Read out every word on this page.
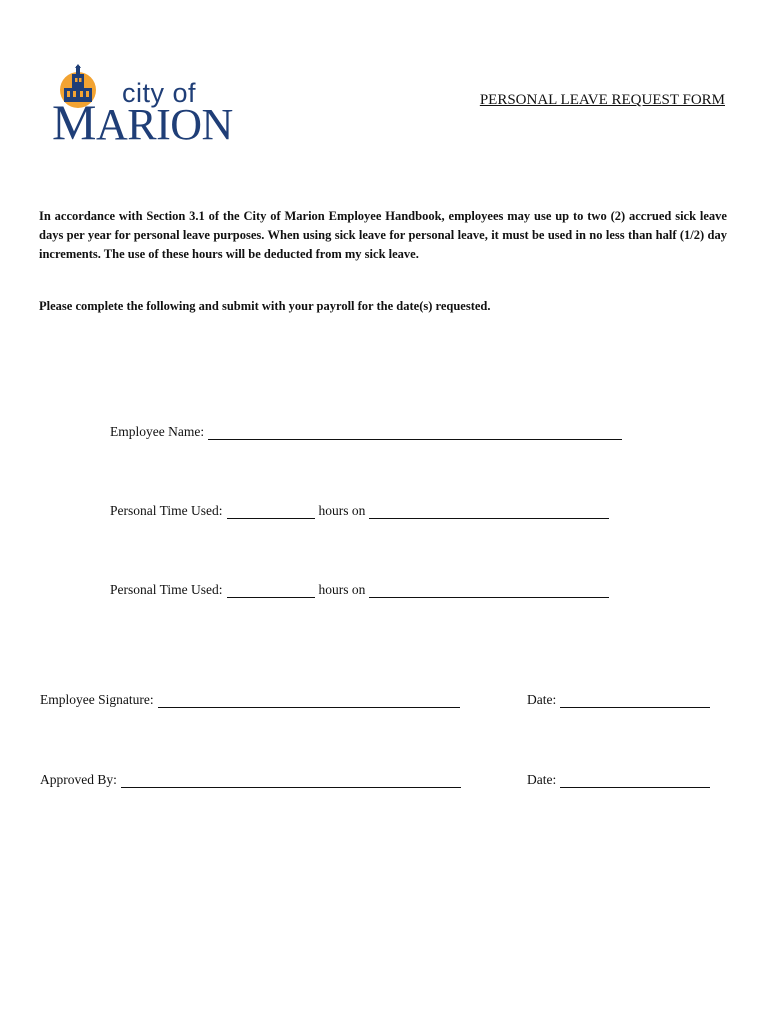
city of
MARION	PERSONAL LEAVE REQUEST FORM

In accordance with Section 3.1 of the City of Marion Employee Handbook, employees may use up to two (2) accrued sick leave days per year for personal leave purposes. When using sick leave for personal leave, it must be used in no less than half (1/2) day increments. The use of these hours will be deducted from my sick leave.

Please complete the following and submit with your payroll for the date(s) requested.

Employee Name:
Personal Time Used:	hours on
Personal Time Used:	hours on
Employee Signature:	Date:
Approved By:	Date:
